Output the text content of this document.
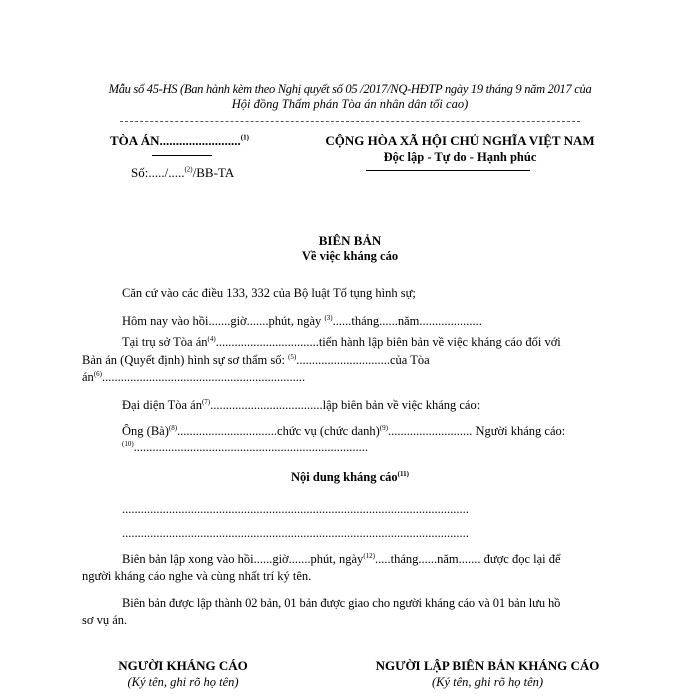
Mẫu số 45-HS (Ban hành kèm theo Nghị quyết số 05 /2017/NQ-HĐTP ngày 19 tháng 9 năm 2017 của
Hội đồng Thẩm phán Tòa án nhân dân tối cao)
TÒA ÁN.........................$^{(1)}$
Số:...../.....$^{(2)}$/BB-TA
CỘNG HÒA XÃ HỘI CHỦ NGHĨA VIỆT NAM
Độc lập - Tự do - Hạnh phúc
BIÊN BẢN
Về việc kháng cáo
Căn cứ vào các điều 133, 332 của Bộ luật Tố tụng hình sự;
Hôm nay vào hồi.......giờ.......phút, ngày $^{(3)}$......tháng......năm....................
Tại trụ sở Tòa $án^{(4)}.................................tiến$ hành lập biên bản về việc kháng cáo đối với
Bản án (Quyết định) hình sự sơ thẩm số: $^{(5)}$..............................của Tòa
$án^{(6)}$.................................................................
Đại diện Tòa $án^{(7)}....................................lập$ biên bản về việc kháng cáo:
Ông (Bà)$^{(8)}$................................chức vụ (chức danh)$^{(9)}$........................... Người kháng cáo:
$^{(10)}$...........................................................................
Nội dung kháng cáo$^{(11)}$
...............................................................................................................
...............................................................................................................
Biên bản lập xong vào hồi......giờ.......phút, ngày$^{(12)}$.....tháng......năm....... được đọc lại để
người kháng cáo nghe và cùng nhất trí ký tên.
Biên bản được lập thành 02 bản, 01 bản được giao cho người kháng cáo và 01 bản lưu hồ
sơ vụ án.
NGƯỜI KHÁNG CÁO
(Ký tên, ghi rõ họ tên)
NGƯỜI LẬP BIÊN BẢN KHÁNG CÁO
(Ký tên, ghi rõ họ tên)
